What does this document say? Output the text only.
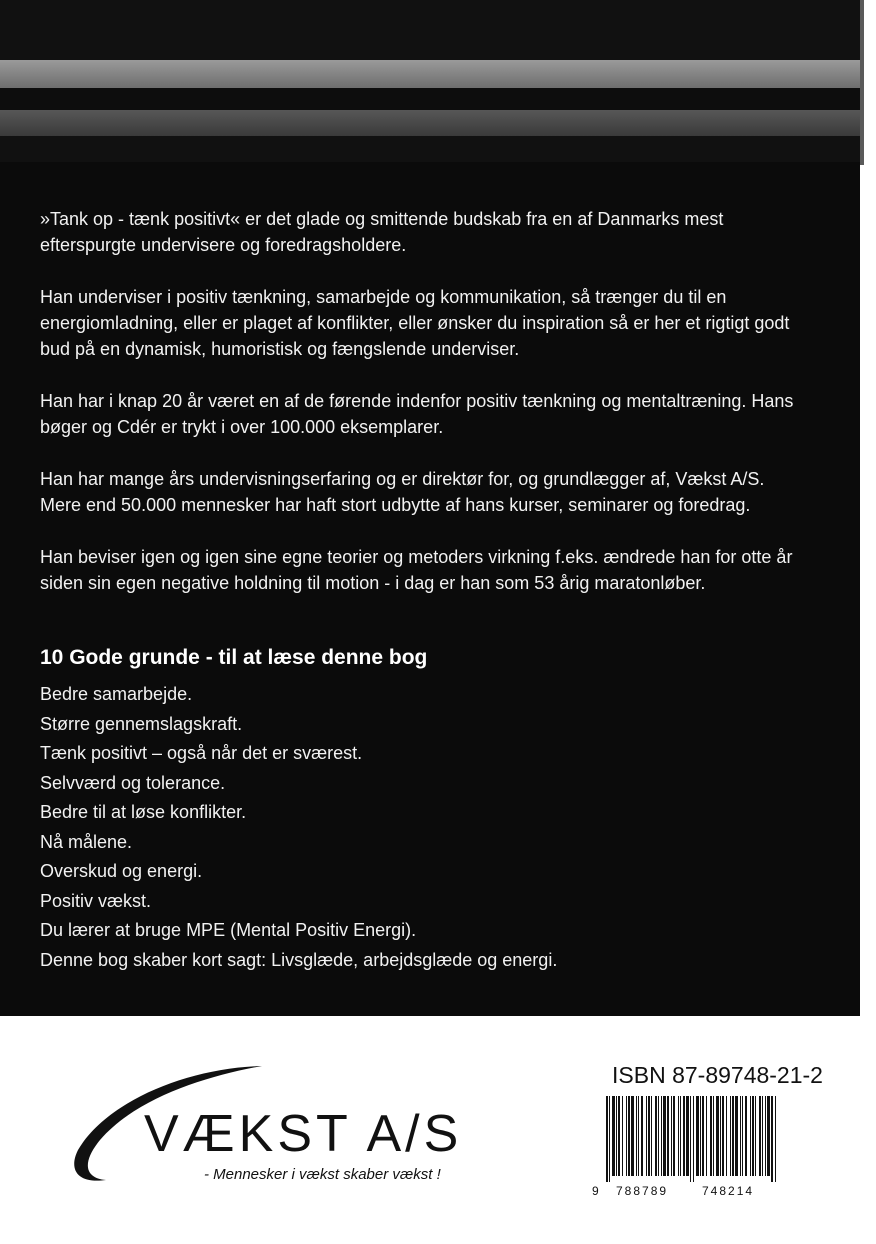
»Tank op - tænk positivt« er det glade og smittende budskab fra en af Danmarks mest efterspurgte undervisere og foredragsholdere.

Han underviser i positiv tænkning, samarbejde og kommunikation, så trænger du til en energiomladning, eller er plaget af konflikter, eller ønsker du inspiration så er her et rigtigt godt bud på en dynamisk, humoristisk og fængslende underviser.

Han har i knap 20 år været en af de førende indenfor positiv tænkning og mentaltræning. Hans bøger og Cdér er trykt i over 100.000 eksemplarer.

Han har mange års undervisningserfaring og er direktør for, og grundlægger af, Vækst A/S. Mere end 50.000 mennesker har haft stort udbytte af hans kurser, seminarer og foredrag.

Han beviser igen og igen sine egne teorier og metoders virkning f.eks. ændrede han for otte år siden sin egen negative holdning til motion - i dag er han som 53 årig maratonløber.

10 Gode grunde - til at læse denne bog
Bedre samarbejde.
Større gennemslagskraft.
Tænk positivt – også når det er sværest.
Selvværd og tolerance.
Bedre til at løse konflikter.
Nå målene.
Overskud og energi.
Positiv vækst.
Du lærer at bruge MPE (Mental Positiv Energi).
Denne bog skaber kort sagt: Livsglæde, arbejdsglæde og energi.
VÆKST A/S
- Mennesker i vækst skaber vækst !
ISBN 87-89748-21-2
9 788789	748214
